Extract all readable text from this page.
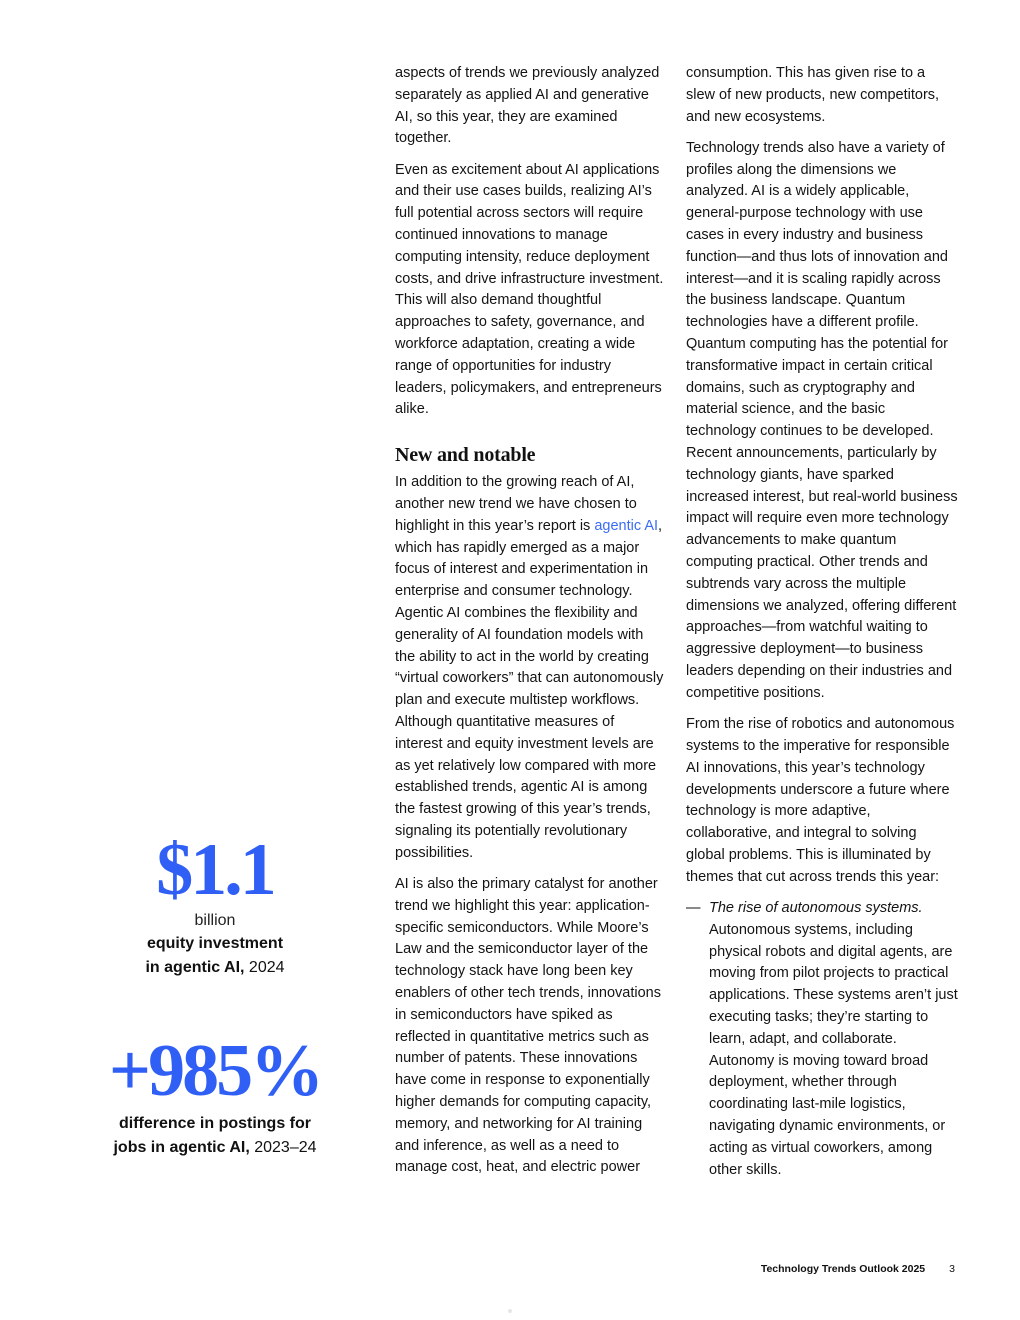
$1.1
billion
equity investment
in agentic AI, 2024
+985%
difference in postings for
jobs in agentic AI, 2023–24

aspects of trends we previously analyzed separately as applied AI and generative AI, so this year, they are examined together.

Even as excitement about AI applications and their use cases builds, realizing AI’s full potential across sectors will require continued innovations to manage computing intensity, reduce deployment costs, and drive infrastructure investment. This will also demand thoughtful approaches to safety, governance, and workforce adaptation, creating a wide range of opportunities for industry leaders, policymakers, and entrepreneurs alike.

New and notable

In addition to the growing reach of AI, another new trend we have chosen to highlight in this year’s report is agentic AI, which has rapidly emerged as a major focus of interest and experimentation in enterprise and consumer technology. Agentic AI combines the flexibility and generality of AI foundation models with the ability to act in the world by creating “virtual coworkers” that can autonomously plan and execute multistep workflows. Although quantitative measures of interest and equity investment levels are as yet relatively low compared with more established trends, agentic AI is among the fastest growing of this year’s trends, signaling its potentially revolutionary possibilities.

AI is also the primary catalyst for another trend we highlight this year: application-specific semiconductors. While Moore’s Law and the semiconductor layer of the technology stack have long been key enablers of other tech trends, innovations in semiconductors have spiked as reflected in quantitative metrics such as number of patents. These innovations have come in response to exponentially higher demands for computing capacity, memory, and networking for AI training and inference, as well as a need to manage cost, heat, and electric power

consumption. This has given rise to a slew of new products, new competitors, and new ecosystems.

Technology trends also have a variety of profiles along the dimensions we analyzed. AI is a widely applicable, general-purpose technology with use cases in every industry and business function—and thus lots of innovation and interest—and it is scaling rapidly across the business landscape. Quantum technologies have a different profile. Quantum computing has the potential for transformative impact in certain critical domains, such as cryptography and material science, and the basic technology continues to be developed. Recent announcements, particularly by technology giants, have sparked increased interest, but real-world business impact will require even more technology advancements to make quantum computing practical. Other trends and subtrends vary across the multiple dimensions we analyzed, offering different approaches—from watchful waiting to aggressive deployment—to business leaders depending on their industries and competitive positions.

From the rise of robotics and autonomous systems to the imperative for responsible AI innovations, this year’s technology developments underscore a future where technology is more adaptive, collaborative, and integral to solving global problems. This is illuminated by themes that cut across trends this year:

— The rise of autonomous systems. Autonomous systems, including physical robots and digital agents, are moving from pilot projects to practical applications. These systems aren’t just executing tasks; they’re starting to learn, adapt, and collaborate. Autonomy is moving toward broad deployment, whether through coordinating last-mile logistics, navigating dynamic environments, or acting as virtual coworkers, among other skills.

Technology Trends Outlook 2025 3
